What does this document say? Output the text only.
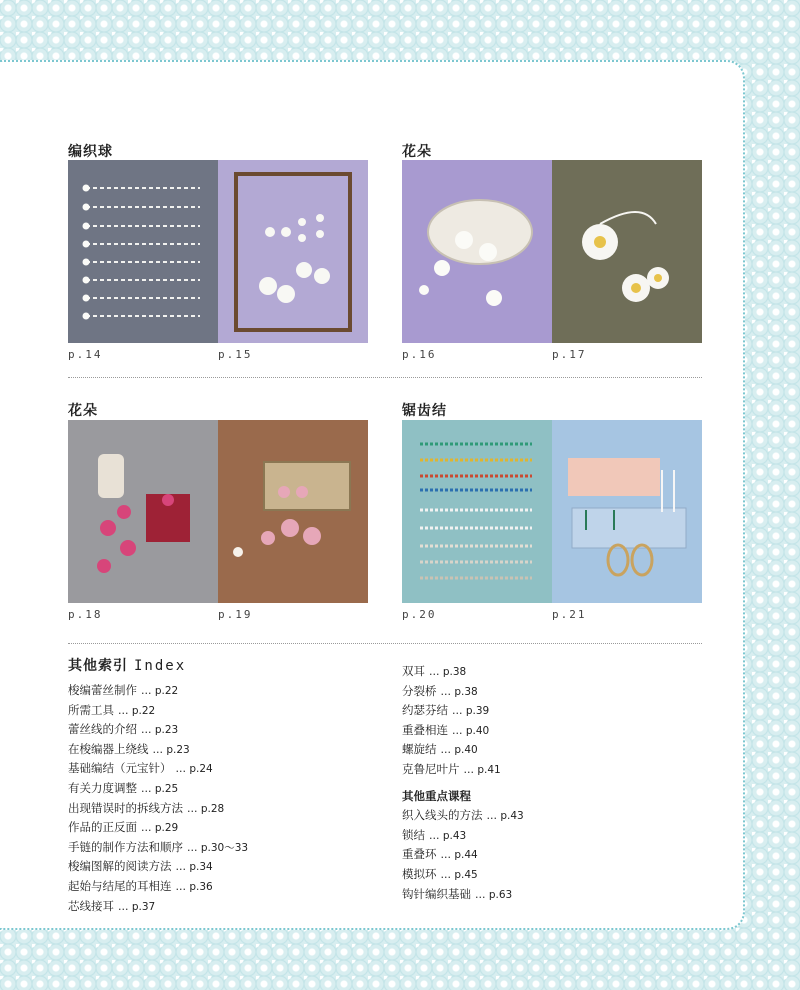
编织球
p.14	p.15
花朵
p.16	p.17
花朵
p.18	p.19
锯齿结
p.20	p.21
其他索引 Index
梭编蕾丝制作 … p.22
所需工具 … p.22
蕾丝线的介绍 … p.23
在梭编器上绕线 … p.23
基础编结（元宝针） … p.24
有关力度调整 … p.25
出现错误时的拆线方法 … p.28
作品的正反面 … p.29
手链的制作方法和顺序 … p.30～33
梭编图解的阅读方法 … p.34
起始与结尾的耳相连 … p.36
芯线接耳 … p.37
双耳 … p.38
分裂桥 … p.38
约瑟芬结 … p.39
重叠相连 … p.40
螺旋结 … p.40
克鲁尼叶片 … p.41
其他重点课程
织入线头的方法 … p.43
锁结 … p.43
重叠环 … p.44
模拟环 … p.45
钩针编织基础 … p.63
